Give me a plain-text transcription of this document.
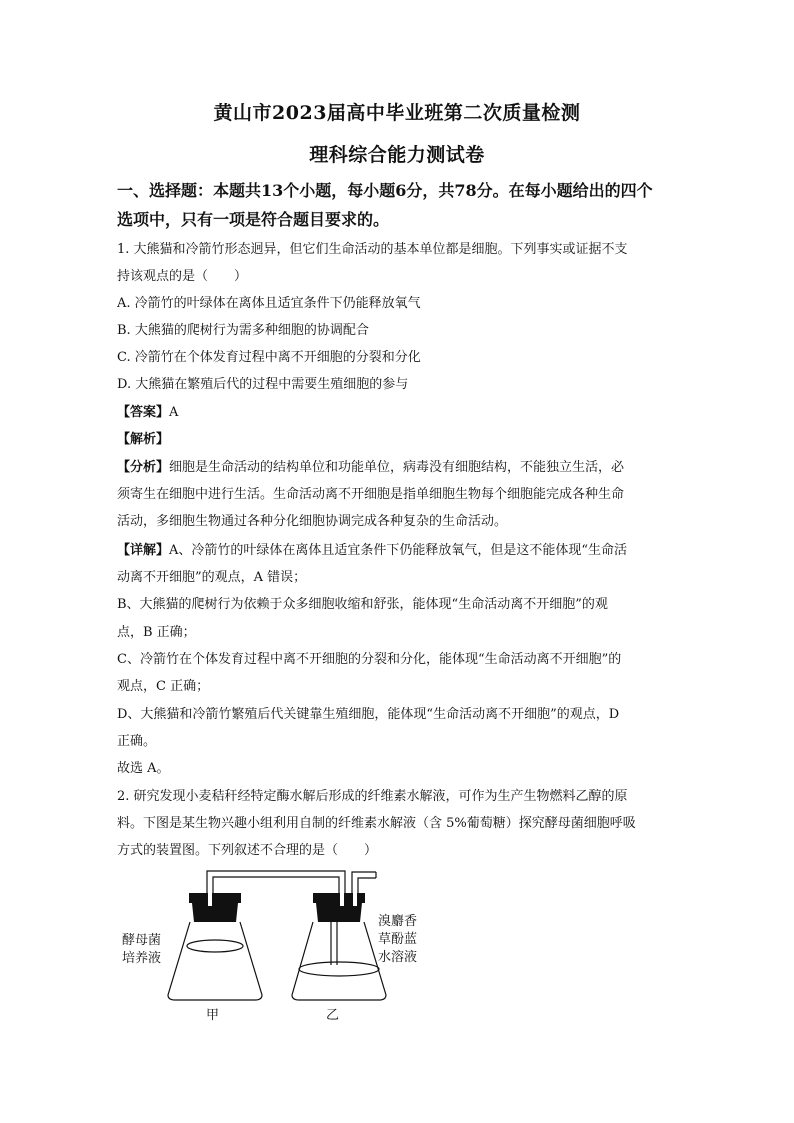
黄山市2023届高中毕业班第二次质量检测
理科综合能力测试卷
一、选择题：本题共13个小题，每小题6分，共78分。在每小题给出的四个
选项中，只有一项是符合题目要求的。
1. 大熊猫和冷箭竹形态迥异，但它们生命活动的基本单位都是细胞。下列事实或证据不支
持该观点的是（　　）
A. 冷箭竹的叶绿体在离体且适宜条件下仍能释放氧气
B. 大熊猫的爬树行为需多种细胞的协调配合
C. 冷箭竹在个体发育过程中离不开细胞的分裂和分化
D. 大熊猫在繁殖后代的过程中需要生殖细胞的参与
【答案】A
【解析】
【分析】细胞是生命活动的结构单位和功能单位，病毒没有细胞结构，不能独立生活，必
须寄生在细胞中进行生活。生命活动离不开细胞是指单细胞生物每个细胞能完成各种生命
活动，多细胞生物通过各种分化细胞协调完成各种复杂的生命活动。
【详解】A、冷箭竹的叶绿体在离体且适宜条件下仍能释放氧气，但是这不能体现“生命活
动离不开细胞”的观点，A 错误；
B、大熊猫的爬树行为依赖于众多细胞收缩和舒张，能体现“生命活动离不开细胞”的观
点，B 正确；
C、冷箭竹在个体发育过程中离不开细胞的分裂和分化，能体现“生命活动离不开细胞”的
观点，C 正确；
D、大熊猫和冷箭竹繁殖后代关键靠生殖细胞，能体现“生命活动离不开细胞”的观点，D
正确。
故选 A。
2. 研究发现小麦秸秆经特定酶水解后形成的纤维素水解液，可作为生产生物燃料乙醇的原
料。下图是某生物兴趣小组利用自制的纤维素水解液（含 5%葡萄糖）探究酵母菌细胞呼吸
方式的装置图。下列叙述不合理的是（　　）
酵母菌
培养液
溴麝香
草酚蓝
水溶液
甲	乙
